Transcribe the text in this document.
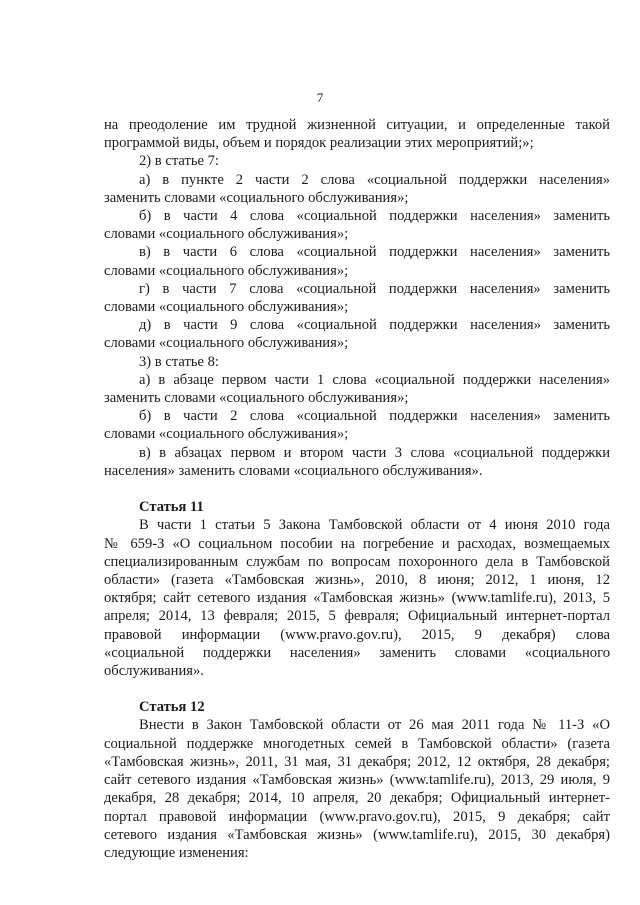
7

на преодоление им трудной жизненной ситуации, и определенные такой

программой виды, объем и порядок реализации этих мероприятий;»;

2) в статье 7:

а) в пункте 2 части 2 слова «социальной поддержки населения»

заменить словами «социального обслуживания»;

б) в части 4 слова «социальной поддержки населения» заменить

словами «социального обслуживания»;

в) в части 6 слова «социальной поддержки населения» заменить

словами «социального обслуживания»;

г) в части 7 слова «социальной поддержки населения» заменить

словами «социального обслуживания»;

д) в части 9 слова «социальной поддержки населения» заменить

словами «социального обслуживания»;

3) в статье 8:

а) в абзаце первом части 1 слова «социальной поддержки населения»

заменить словами «социального обслуживания»;

б) в части 2 слова «социальной поддержки населения» заменить

словами «социального обслуживания»;

в) в абзацах первом и втором части 3 слова «социальной поддержки

населения» заменить словами «социального обслуживания».

Статья 11

В части 1 статьи 5 Закона Тамбовской области от 4 июня 2010 года

№ 659-З «О социальном пособии на погребение и расходах, возмещаемых

специализированным службам по вопросам похоронного дела в Тамбовской

области» (газета «Тамбовская жизнь», 2010, 8 июня; 2012, 1 июня, 12

октября; сайт сетевого издания «Тамбовская жизнь» (www.tamlife.ru), 2013, 5

апреля; 2014, 13 февраля; 2015, 5 февраля; Официальный интернет-портал

правовой информации (www.pravo.gov.ru), 2015, 9 декабря) слова

«социальной поддержки населения» заменить словами «социального

обслуживания».

Статья 12

Внести в Закон Тамбовской области от 26 мая 2011 года № 11-З «О

социальной поддержке многодетных семей в Тамбовской области» (газета

«Тамбовская жизнь», 2011, 31 мая, 31 декабря; 2012, 12 октября, 28 декабря;

сайт сетевого издания «Тамбовская жизнь» (www.tamlife.ru), 2013, 29 июля, 9

декабря, 28 декабря; 2014, 10 апреля, 20 декабря; Официальный интернет-

портал правовой информации (www.pravo.gov.ru), 2015, 9 декабря; сайт

сетевого издания «Тамбовская жизнь» (www.tamlife.ru), 2015, 30 декабря)

следующие изменения:
